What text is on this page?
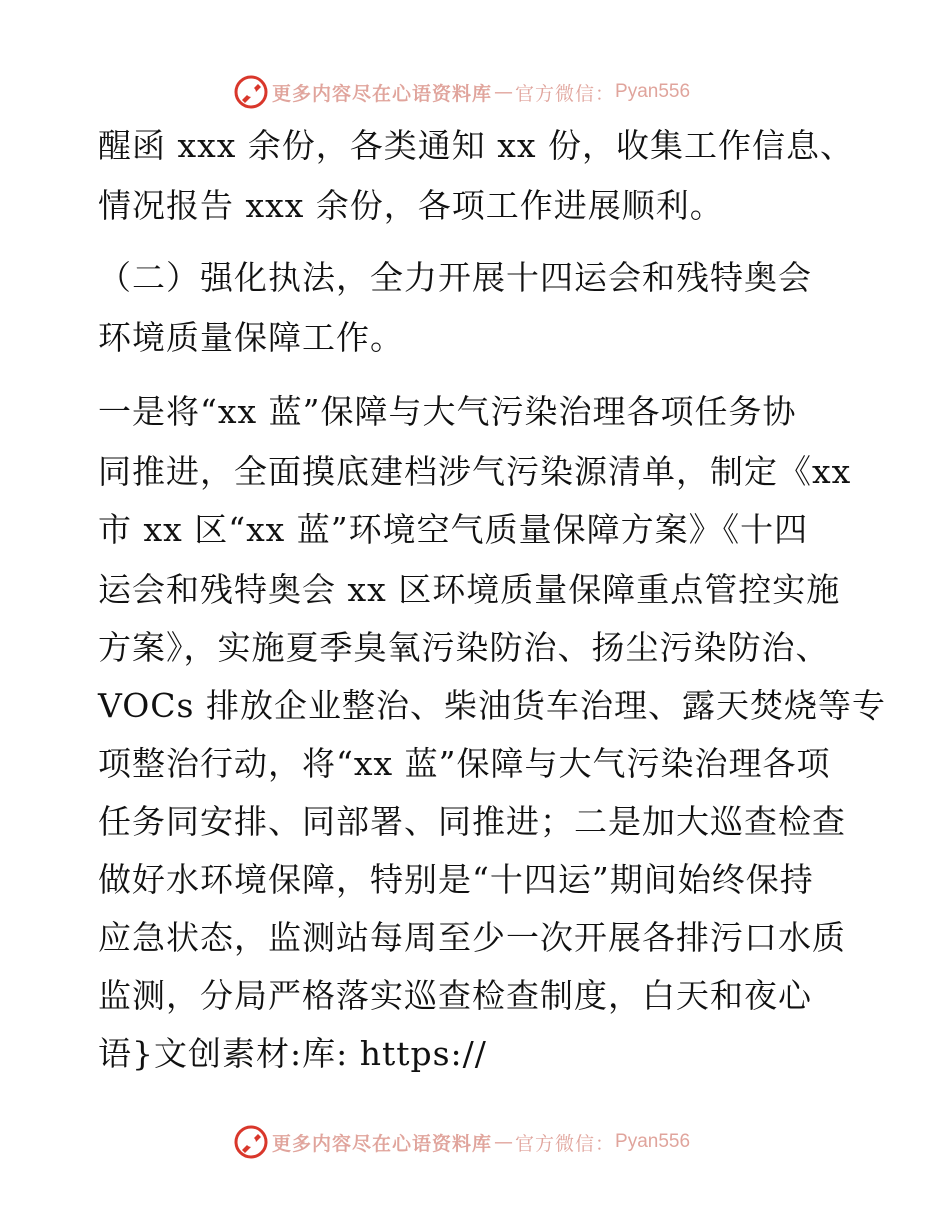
更多内容尽在心语资料库 — 官方微信： Pyan556
醒函 xxx 余份，各类通知 xx 份，收集工作信息、
情况报告 xxx 余份，各项工作进展顺利。
（二）强化执法，全力开展十四运会和残特奥会
环境质量保障工作。
一是将“xx 蓝”保障与大气污染治理各项任务协
同推进，全面摸底建档涉气污染源清单，制定《xx
市 xx 区“xx 蓝”环境空气质量保障方案》《十四
运会和残特奥会 xx 区环境质量保障重点管控实施
方案》，实施夏季臭氧污染防治、扬尘污染防治、
VOCs 排放企业整治、柴油货车治理、露天焚烧等专
项整治行动，将“xx 蓝”保障与大气污染治理各项
任务同安排、同部署、同推进；二是加大巡查检查
做好水环境保障，特别是“十四运”期间始终保持
应急状态，监测站每周至少一次开展各排污口水质
监测，分局严格落实巡查检查制度，白天和夜心
语}文创素材:库: https://
更多内容尽在心语资料库 — 官方微信： Pyan556
